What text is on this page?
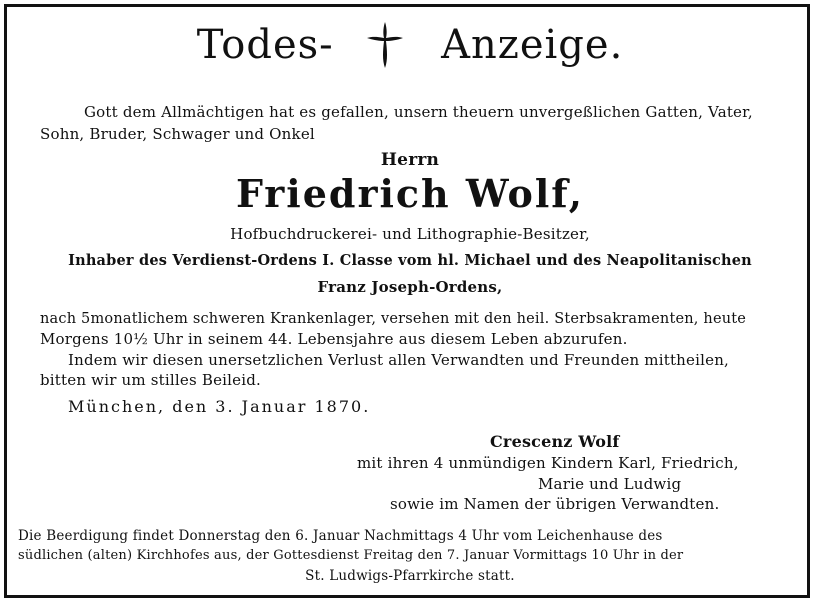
Todes-	Anzeige.
Gott dem Allmächtigen hat es gefallen, unsern theuern unvergeßlichen Gatten, Vater,
Sohn, Bruder, Schwager und Onkel
Herrn
Friedrich Wolf,
Hofbuchdruckerei- und Lithographie-Besitzer,
Inhaber des Verdienst-Ordens I. Classe vom hl. Michael und des Neapolitanischen
Franz Joseph-Ordens,
nach 5monatlichem schweren Krankenlager, versehen mit den heil. Sterbsakramenten, heute
Morgens 10½ Uhr in seinem 44. Lebensjahre aus diesem Leben abzurufen.
Indem wir diesen unersetzlichen Verlust allen Verwandten und Freunden mittheilen,
bitten wir um stilles Beileid.
München, den 3. Januar 1870.
Crescenz Wolf
mit ihren 4 unmündigen Kindern Karl, Friedrich,
Marie und Ludwig
sowie im Namen der übrigen Verwandten.
Die Beerdigung findet Donnerstag den 6. Januar Nachmittags 4 Uhr vom Leichenhause des
südlichen (alten) Kirchhofes aus, der Gottesdienst Freitag den 7. Januar Vormittags 10 Uhr in der
St. Ludwigs-Pfarrkirche statt.
